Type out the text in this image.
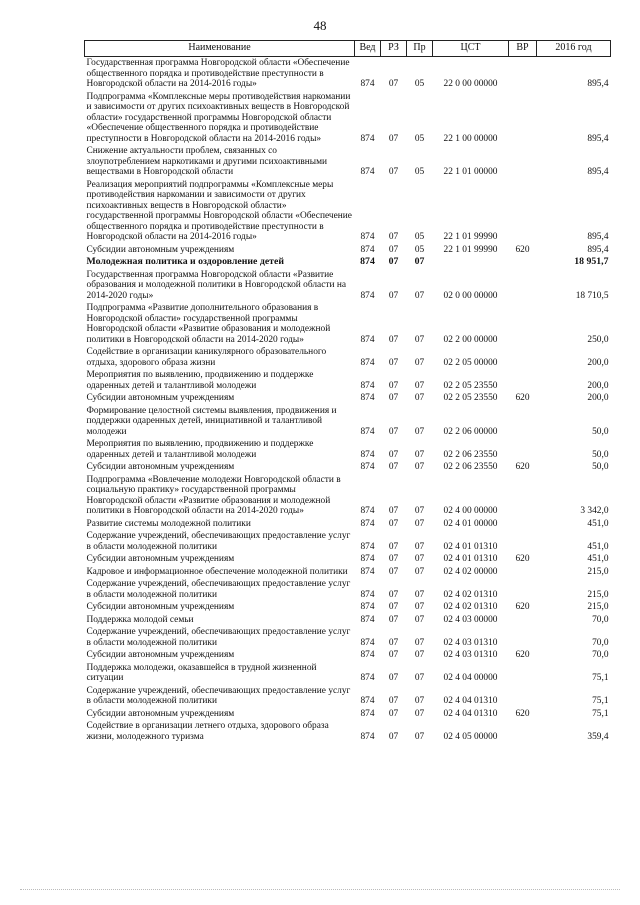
48
Наименование	Вед	РЗ	Пр	ЦСТ	ВР	2016 год
Государственная программа Новгородской области «Обеспечение общественного порядка и противодействие преступности в Новгородской области на 2014-2016 годы»	874	07	05	22 0 00 00000		895,4
Подпрограмма «Комплексные меры противодействия наркомании и зависимости от других психоактивных веществ в Новгородской области» государственной программы Новгородской области «Обеспечение общественного порядка и противодействие преступности в Новгородской области на 2014-2016 годы»	874	07	05	22 1 00 00000		895,4
Снижение актуальности проблем, связанных со злоупотреблением наркотиками и другими психоактивными веществами в Новгородской области	874	07	05	22 1 01 00000		895,4
Реализация мероприятий подпрограммы «Комплексные меры противодействия наркомании и зависимости от других психоактивных веществ в Новгородской области» государственной программы Новгородской области «Обеспечение общественного порядка и противодействие преступности в Новгородской области на 2014-2016 годы»	874	07	05	22 1 01 99990		895,4
Субсидии автономным учреждениям	874	07	05	22 1 01 99990	620	895,4
Молодежная политика и оздоровление детей	874	07	07			18 951,7
Государственная программа Новгородской области «Развитие образования и молодежной политики в Новгородской области на 2014-2020 годы»	874	07	07	02 0 00 00000		18 710,5
Подпрограмма «Развитие дополнительного образования в Новгородской области» государственной программы Новгородской области «Развитие образования и молодежной политики в Новгородской области на 2014-2020 годы»	874	07	07	02 2 00 00000		250,0
Содействие в организации каникулярного образовательного отдыха, здорового образа жизни	874	07	07	02 2 05 00000		200,0
Мероприятия по выявлению, продвижению и поддержке одаренных детей и талантливой молодежи	874	07	07	02 2 05 23550		200,0
Субсидии автономным учреждениям	874	07	07	02 2 05 23550	620	200,0
Формирование целостной системы выявления, продвижения и поддержки одаренных детей, инициативной и талантливой молодежи	874	07	07	02 2 06 00000		50,0
Мероприятия по выявлению, продвижению и поддержке одаренных детей и талантливой молодежи	874	07	07	02 2 06 23550		50,0
Субсидии автономным учреждениям	874	07	07	02 2 06 23550	620	50,0
Подпрограмма «Вовлечение молодежи Новгородской области в социальную практику» государственной программы Новгородской области «Развитие образования и молодежной политики в Новгородской области на 2014-2020 годы»	874	07	07	02 4 00 00000		3 342,0
Развитие системы молодежной политики	874	07	07	02 4 01 00000		451,0
Содержание учреждений, обеспечивающих предоставление услуг в области молодежной политики	874	07	07	02 4 01 01310		451,0
Субсидии автономным учреждениям	874	07	07	02 4 01 01310	620	451,0
Кадровое и информационное обеспечение молодежной политики	874	07	07	02 4 02 00000		215,0
Содержание учреждений, обеспечивающих предоставление услуг в области молодежной политики	874	07	07	02 4 02 01310		215,0
Субсидии автономным учреждениям	874	07	07	02 4 02 01310	620	215,0
Поддержка молодой семьи	874	07	07	02 4 03 00000		70,0
Содержание учреждений, обеспечивающих предоставление услуг в области молодежной политики	874	07	07	02 4 03 01310		70,0
Субсидии автономным учреждениям	874	07	07	02 4 03 01310	620	70,0
Поддержка молодежи, оказавшейся в трудной жизненной ситуации	874	07	07	02 4 04 00000		75,1
Содержание учреждений, обеспечивающих предоставление услуг в области молодежной политики	874	07	07	02 4 04 01310		75,1
Субсидии автономным учреждениям	874	07	07	02 4 04 01310	620	75,1
Содействие в организации летнего отдыха, здорового образа жизни, молодежного туризма	874	07	07	02 4 05 00000		359,4
